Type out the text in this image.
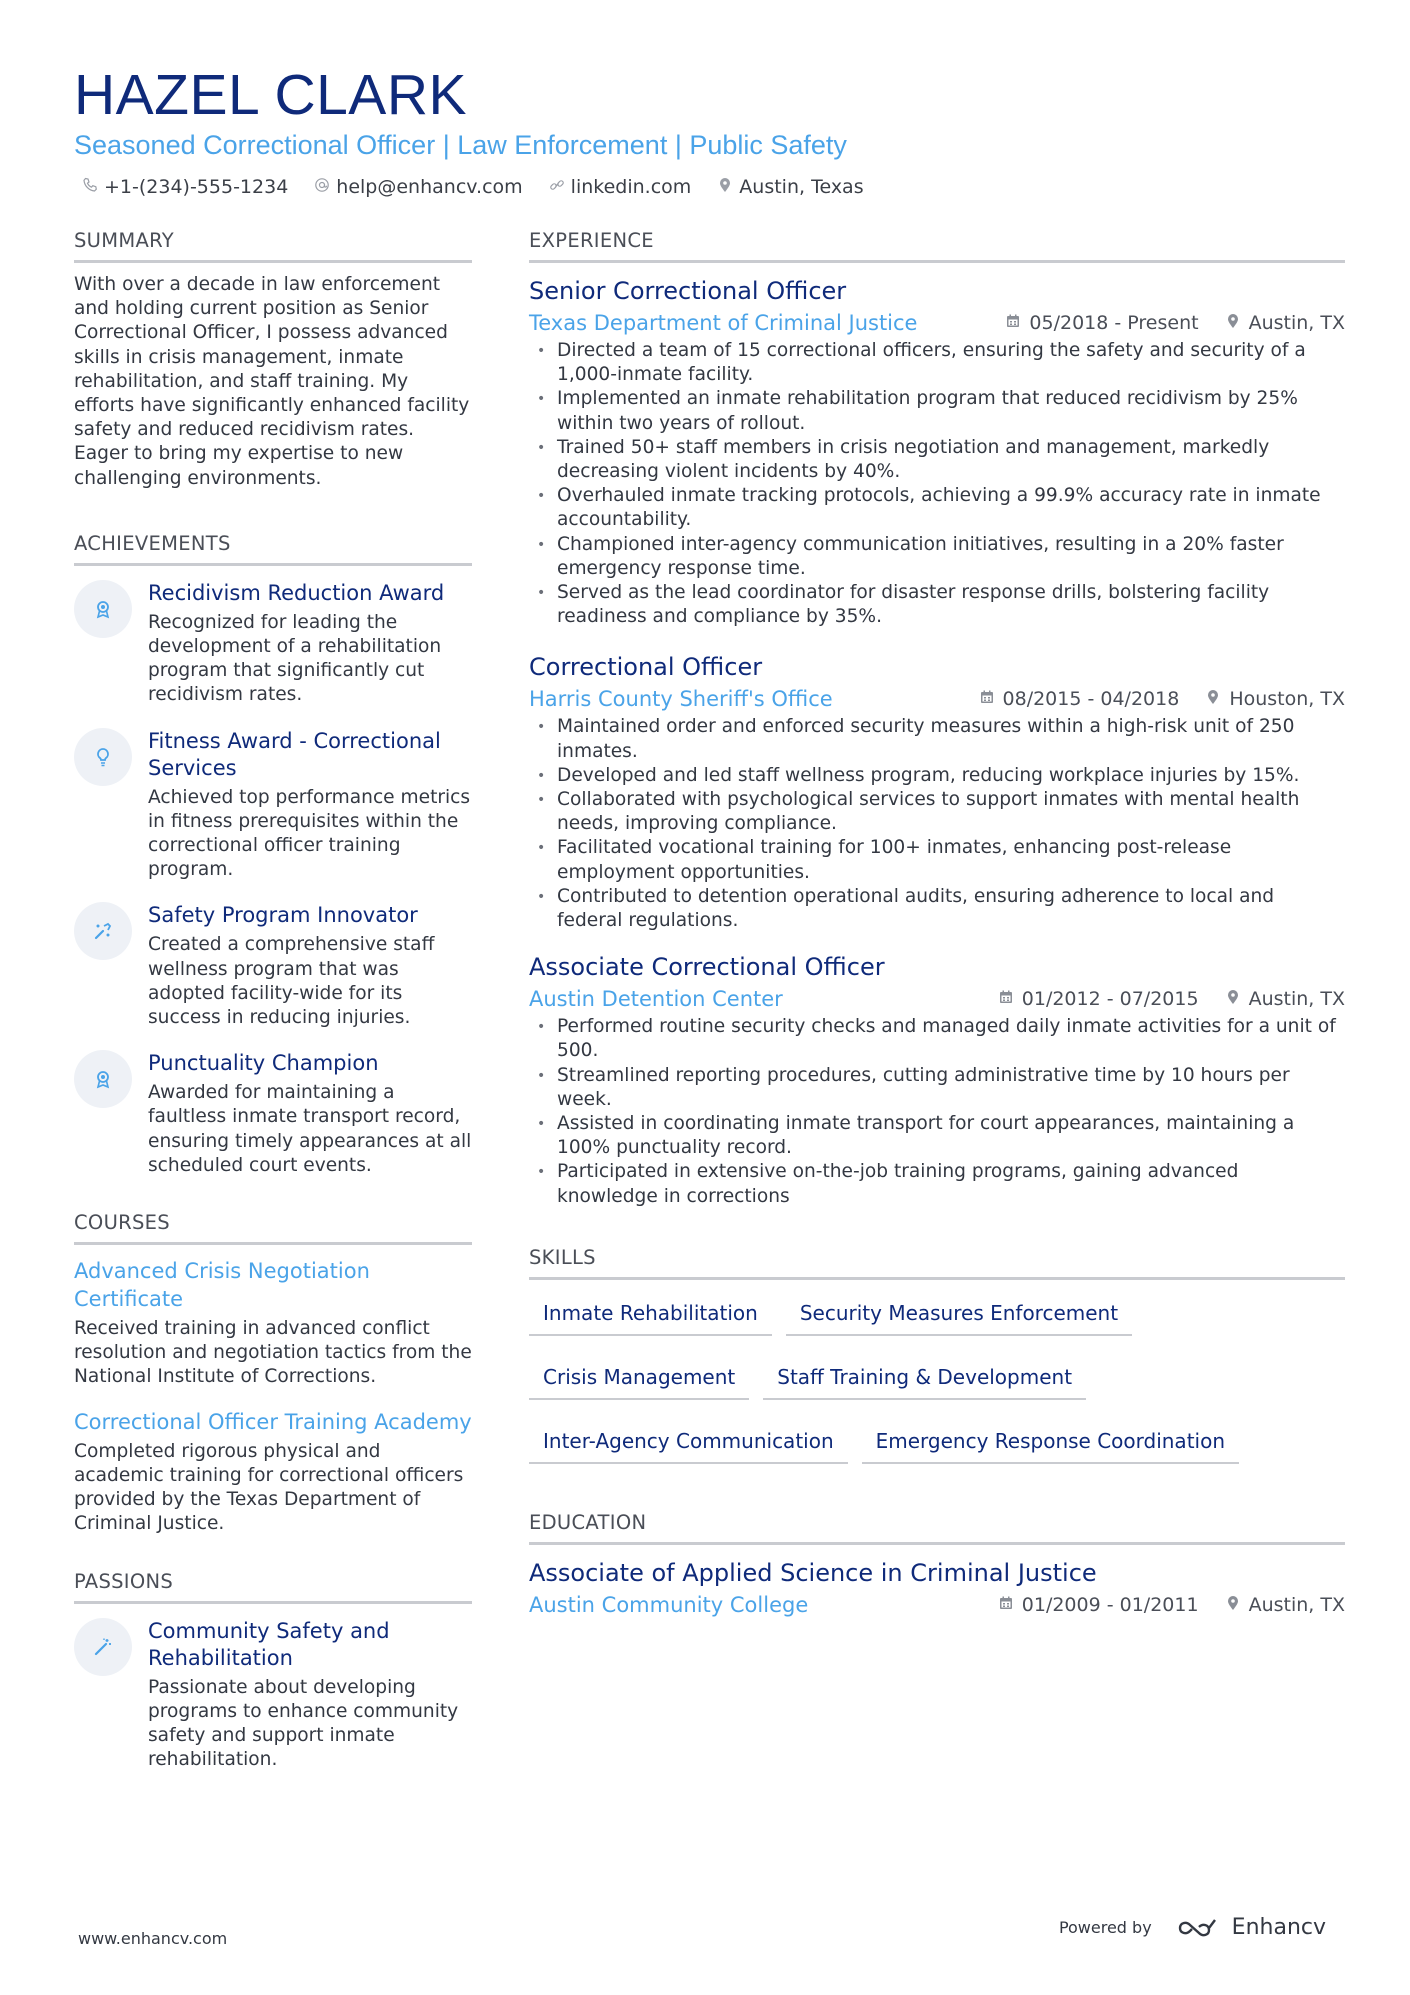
HAZEL CLARK
Seasoned Correctional Officer | Law Enforcement | Public Safety
+1-(234)-555-1234	help@enhancv.com	linkedin.com	Austin, Texas
SUMMARY
With over a decade in law enforcement and holding current position as Senior Correctional Officer, I possess advanced skills in crisis management, inmate rehabilitation, and staff training. My efforts have significantly enhanced facility safety and reduced recidivism rates. Eager to bring my expertise to new challenging environments.
ACHIEVEMENTS
Recidivism Reduction Award
Recognized for leading the development of a rehabilitation program that significantly cut recidivism rates.
Fitness Award - Correctional Services
Achieved top performance metrics in fitness prerequisites within the correctional officer training program.
Safety Program Innovator
Created a comprehensive staff wellness program that was adopted facility-wide for its success in reducing injuries.
Punctuality Champion
Awarded for maintaining a faultless inmate transport record, ensuring timely appearances at all scheduled court events.
COURSES
Advanced Crisis Negotiation Certificate
Received training in advanced conflict resolution and negotiation tactics from the National Institute of Corrections.
Correctional Officer Training Academy
Completed rigorous physical and academic training for correctional officers provided by the Texas Department of Criminal Justice.
PASSIONS
Community Safety and Rehabilitation
Passionate about developing programs to enhance community safety and support inmate rehabilitation.
EXPERIENCE
Senior Correctional Officer
Texas Department of Criminal Justice	05/2018 - Present	Austin, TX
• Directed a team of 15 correctional officers, ensuring the safety and security of a 1,000-inmate facility.
• Implemented an inmate rehabilitation program that reduced recidivism by 25% within two years of rollout.
• Trained 50+ staff members in crisis negotiation and management, markedly decreasing violent incidents by 40%.
• Overhauled inmate tracking protocols, achieving a 99.9% accuracy rate in inmate accountability.
• Championed inter-agency communication initiatives, resulting in a 20% faster emergency response time.
• Served as the lead coordinator for disaster response drills, bolstering facility readiness and compliance by 35%.
Correctional Officer
Harris County Sheriff's Office	08/2015 - 04/2018	Houston, TX
• Maintained order and enforced security measures within a high-risk unit of 250 inmates.
• Developed and led staff wellness program, reducing workplace injuries by 15%.
• Collaborated with psychological services to support inmates with mental health needs, improving compliance.
• Facilitated vocational training for 100+ inmates, enhancing post-release employment opportunities.
• Contributed to detention operational audits, ensuring adherence to local and federal regulations.
Associate Correctional Officer
Austin Detention Center	01/2012 - 07/2015	Austin, TX
• Performed routine security checks and managed daily inmate activities for a unit of 500.
• Streamlined reporting procedures, cutting administrative time by 10 hours per week.
• Assisted in coordinating inmate transport for court appearances, maintaining a 100% punctuality record.
• Participated in extensive on-the-job training programs, gaining advanced knowledge in corrections
SKILLS
Inmate Rehabilitation	Security Measures Enforcement
Crisis Management	Staff Training & Development
Inter-Agency Communication	Emergency Response Coordination
EDUCATION
Associate of Applied Science in Criminal Justice
Austin Community College	01/2009 - 01/2011	Austin, TX
www.enhancv.com
Powered by	Enhancv
